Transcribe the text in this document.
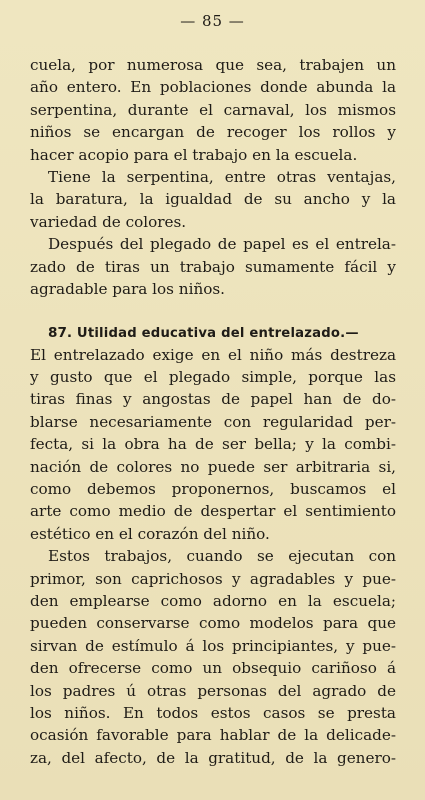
— 85 —
cuela, por numerosa que sea, trabajen un
año entero. En poblaciones donde abunda la
serpentina, durante el carnaval, los mismos
niños se encargan de recoger los rollos y
hacer acopio para el trabajo en la escuela.
Tiene la serpentina, entre otras ventajas,
la baratura, la igualdad de su ancho y la
variedad de colores.
Después del plegado de papel es el entrela-
zado de tiras un trabajo sumamente fácil y
agradable para los niños.
87. Utilidad educativa del entrelazado.—
El entrelazado exige en el niño más destreza
y gusto que el plegado simple, porque las
tiras finas y angostas de papel han de do-
blarse necesariamente con regularidad per-
fecta, si la obra ha de ser bella; y la combi-
nación de colores no puede ser arbitraria si,
como debemos proponernos, buscamos el
arte como medio de despertar el sentimiento
estético en el corazón del niño.
Estos trabajos, cuando se ejecutan con
primor, son caprichosos y agradables y pue-
den emplearse como adorno en la escuela;
pueden conservarse como modelos para que
sirvan de estímulo á los principiantes, y pue-
den ofrecerse como un obsequio cariñoso á
los padres ú otras personas del agrado de
los niños. En todos estos casos se presta
ocasión favorable para hablar de la delicade-
za, del afecto, de la gratitud, de la genero-
